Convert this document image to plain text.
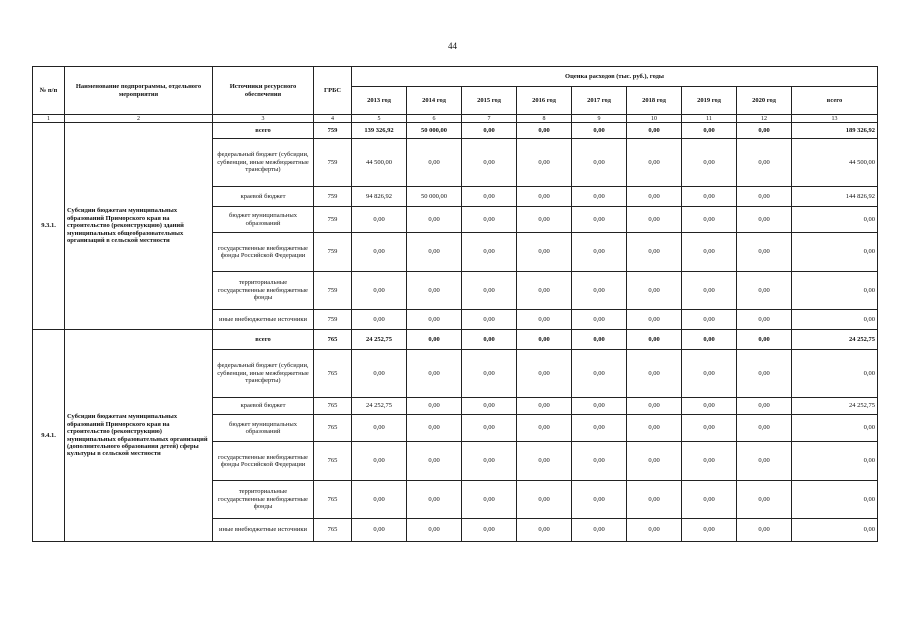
44
№ п/п	Наименование подпрограммы, отдельного мероприятия	Источники ресурсного обеспечения	ГРБС	Оценка расходов (тыс. руб.), годы								
				2013 год	2014 год	2015 год	2016 год	2017 год	2018 год	2019 год	2020 год	всего
1	2	3	4	5	6	7	8	9	10	11	12	13
9.3.1.	Субсидии бюджетам муниципальных образований Приморского края на строительство (реконструкцию) зданий муниципальных общеобразовательных организаций в сельской местности	всего	759	139 326,92	50 000,00	0,00	0,00	0,00	0,00	0,00	0,00	189 326,92
		федеральный бюджет (субсидии, субвенции, иные межбюджетные трансферты)	759	44 500,00	0,00	0,00	0,00	0,00	0,00	0,00	0,00	44 500,00
		краевой бюджет	759	94 826,92	50 000,00	0,00	0,00	0,00	0,00	0,00	0,00	144 826,92
		бюджет муниципальных образований	759	0,00	0,00	0,00	0,00	0,00	0,00	0,00	0,00	0,00
		государственные внебюджетные фонды Российской Федерации	759	0,00	0,00	0,00	0,00	0,00	0,00	0,00	0,00	0,00
		территориальные государственные внебюджетные фонды	759	0,00	0,00	0,00	0,00	0,00	0,00	0,00	0,00	0,00
		иные внебюджетные источники	759	0,00	0,00	0,00	0,00	0,00	0,00	0,00	0,00	0,00
9.4.1.	Субсидии бюджетам муниципальных образований Приморского края на строительство (реконструкцию) муниципальных образовательных организаций (дополнительного образования детей) сферы культуры в сельской местности	всего	765	24 252,75	0,00	0,00	0,00	0,00	0,00	0,00	0,00	24 252,75
		федеральный бюджет (субсидии, субвенции, иные межбюджетные трансферты)	765	0,00	0,00	0,00	0,00	0,00	0,00	0,00	0,00	0,00
		краевой бюджет	765	24 252,75	0,00	0,00	0,00	0,00	0,00	0,00	0,00	24 252,75
		бюджет муниципальных образований	765	0,00	0,00	0,00	0,00	0,00	0,00	0,00	0,00	0,00
		государственные внебюджетные фонды Российской Федерации	765	0,00	0,00	0,00	0,00	0,00	0,00	0,00	0,00	0,00
		территориальные государственные внебюджетные фонды	765	0,00	0,00	0,00	0,00	0,00	0,00	0,00	0,00	0,00
		иные внебюджетные источники	765	0,00	0,00	0,00	0,00	0,00	0,00	0,00	0,00	0,00
